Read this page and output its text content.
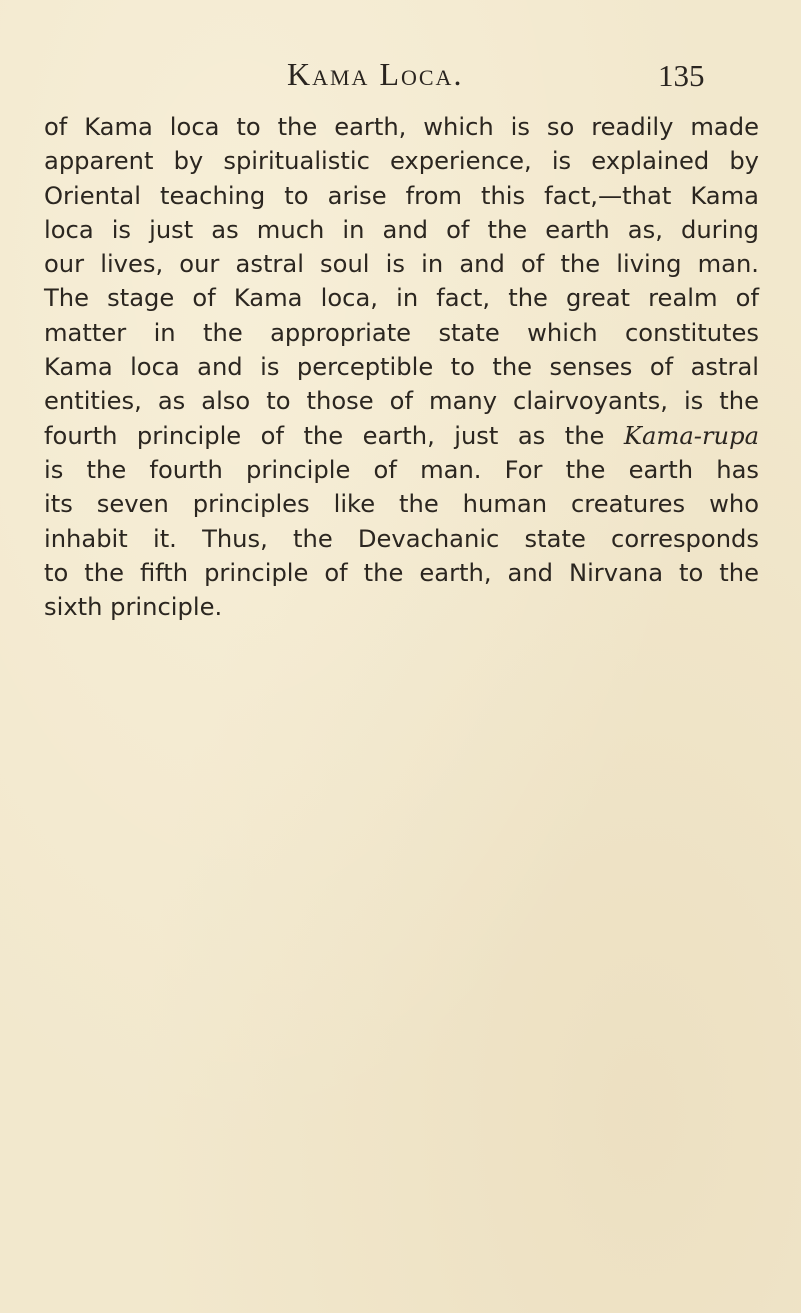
Kama Loca.	135
of Kama loca to the earth, which is so readily made
apparent by spiritualistic experience, is explained by
Oriental teaching to arise from this fact,—that Kama
loca is just as much in and of the earth as, during
our lives, our astral soul is in and of the living man.
The stage of Kama loca, in fact, the great realm of
matter in the appropriate state which constitutes
Kama loca and is perceptible to the senses of astral
entities, as also to those of many clairvoyants, is the
fourth principle of the earth, just as the Kama-rupa
is the fourth principle of man. For the earth has
its seven principles like the human creatures who
inhabit it. Thus, the Devachanic state corresponds
to the fifth principle of the earth, and Nirvana to the
sixth principle.
